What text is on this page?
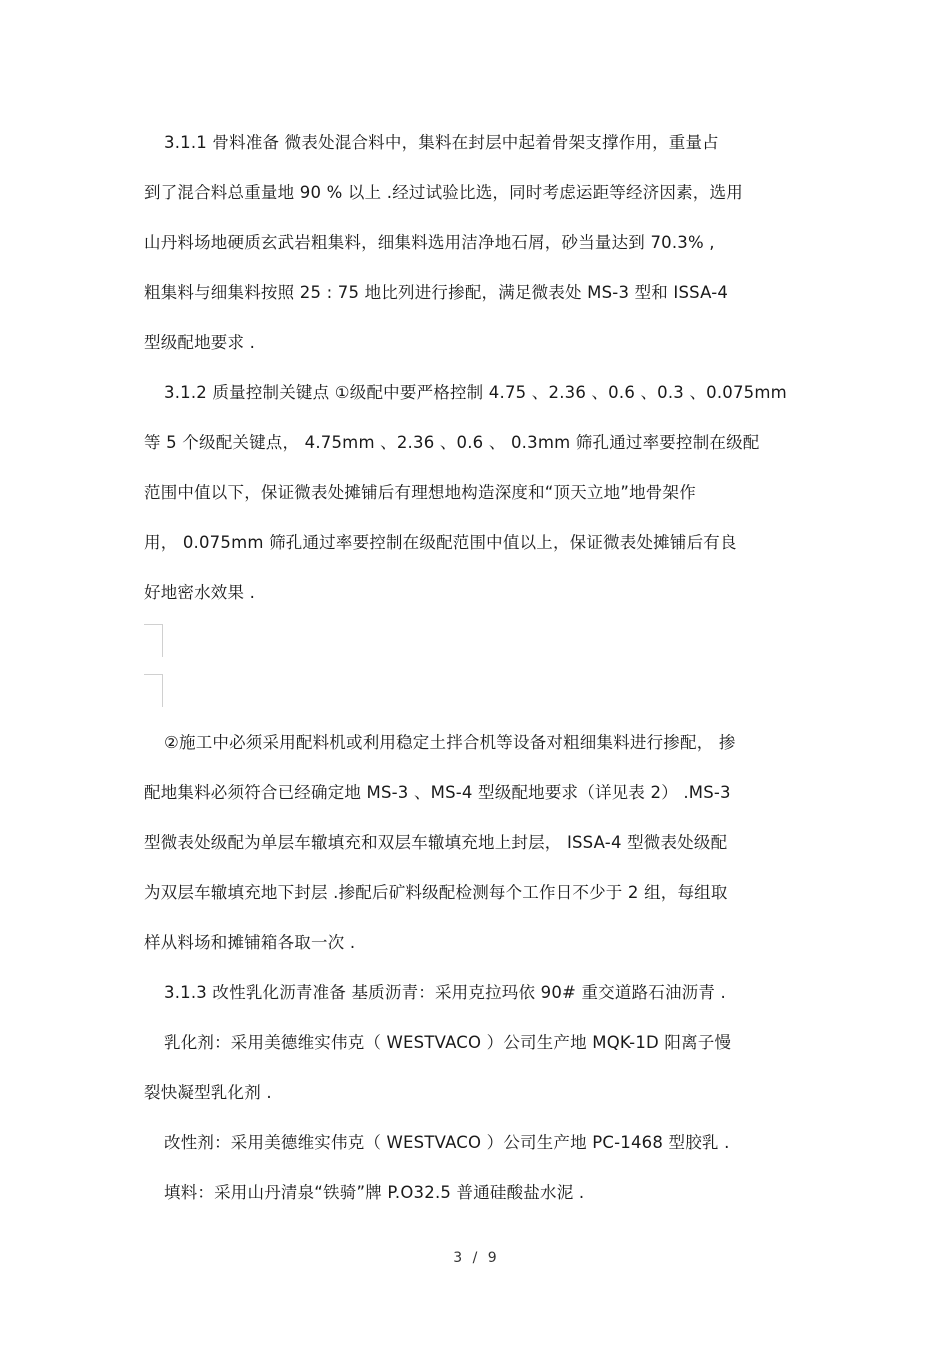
3.1.1 骨料准备 微表处混合料中，集料在封层中起着骨架支撑作用，重量占
到了混合料总重量地 90 % 以上 .经过试验比选，同时考虑运距等经济因素，选用
山丹料场地硬质玄武岩粗集料，细集料选用洁净地石屑，砂当量达到 70.3% ,
粗集料与细集料按照 25 : 75 地比列进行掺配，满足微表处 MS-3 型和 ISSA-4
型级配地要求 .
3.1.2 质量控制关键点 ①级配中要严格控制 4.75 、2.36 、0.6 、0.3 、0.075mm
等 5 个级配关键点， 4.75mm 、2.36 、0.6 、 0.3mm 筛孔通过率要控制在级配
范围中值以下，保证微表处摊铺后有理想地构造深度和“顶天立地”地骨架作
用， 0.075mm 筛孔通过率要控制在级配范围中值以上，保证微表处摊铺后有良
好地密水效果 .
②施工中必须采用配料机或利用稳定土拌合机等设备对粗细集料进行掺配， 掺
配地集料必须符合已经确定地 MS-3 、MS-4 型级配地要求（详见表 2） .MS-3
型微表处级配为单层车辙填充和双层车辙填充地上封层， ISSA-4 型微表处级配
为双层车辙填充地下封层 .掺配后矿料级配检测每个工作日不少于 2 组，每组取
样从料场和摊铺箱各取一次 .
3.1.3 改性乳化沥青准备 基质沥青：采用克拉玛依 90# 重交道路石油沥青 .
乳化剂：采用美德维实伟克（ WESTVACO ）公司生产地 MQK-1D 阳离子慢
裂快凝型乳化剂 .
改性剂：采用美德维实伟克（ WESTVACO ）公司生产地 PC-1468 型胶乳 .
填料：采用山丹清泉“铁骑”牌 P.O32.5 普通硅酸盐水泥 .
3 / 9
